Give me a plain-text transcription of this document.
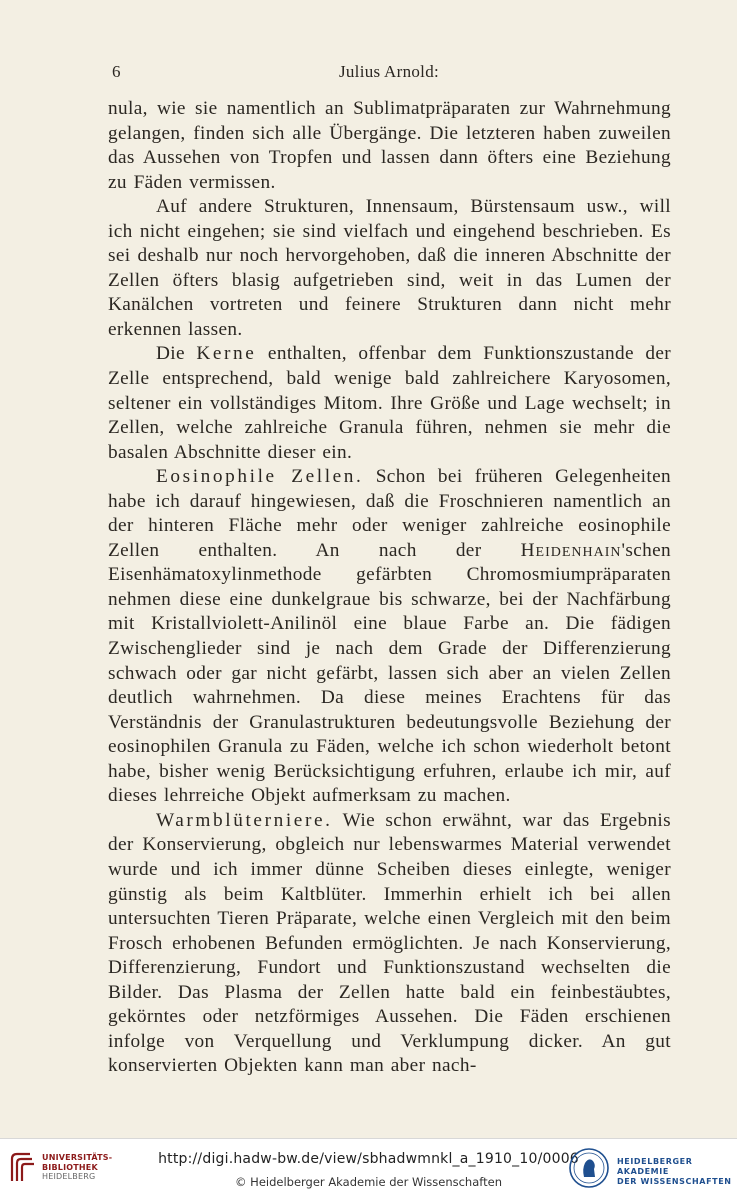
6	Julius Arnold:

nula, wie sie namentlich an Sublimatpräparaten zur Wahrnehmung gelangen, finden sich alle Übergänge. Die letzteren haben zuweilen das Aussehen von Tropfen und lassen dann öfters eine Beziehung zu Fäden vermissen.

Auf andere Strukturen, Innensaum, Bürstensaum usw., will ich nicht eingehen; sie sind vielfach und eingehend beschrieben. Es sei deshalb nur noch hervorgehoben, daß die inneren Abschnitte der Zellen öfters blasig aufgetrieben sind, weit in das Lumen der Kanälchen vortreten und feinere Strukturen dann nicht mehr erkennen lassen.

Die Kerne enthalten, offenbar dem Funktionszustande der Zelle entsprechend, bald wenige bald zahlreichere Karyosomen, seltener ein vollständiges Mitom. Ihre Größe und Lage wechselt; in Zellen, welche zahlreiche Granula führen, nehmen sie mehr die basalen Abschnitte dieser ein.

Eosinophile Zellen. Schon bei früheren Gelegenheiten habe ich darauf hingewiesen, daß die Froschnieren namentlich an der hinteren Fläche mehr oder weniger zahlreiche eosinophile Zellen enthalten. An nach der Heidenhain'schen Eisenhämatoxylinmethode gefärbten Chromosmiumpräparaten nehmen diese eine dunkelgraue bis schwarze, bei der Nachfärbung mit Kristallviolett-Anilinöl eine blaue Farbe an. Die fädigen Zwischenglieder sind je nach dem Grade der Differenzierung schwach oder gar nicht gefärbt, lassen sich aber an vielen Zellen deutlich wahrnehmen. Da diese meines Erachtens für das Verständnis der Granulastrukturen bedeutungsvolle Beziehung der eosinophilen Granula zu Fäden, welche ich schon wiederholt betont habe, bisher wenig Berücksichtigung erfuhren, erlaube ich mir, auf dieses lehrreiche Objekt aufmerksam zu machen.

Warmblüterniere. Wie schon erwähnt, war das Ergebnis der Konservierung, obgleich nur lebenswarmes Material verwendet wurde und ich immer dünne Scheiben dieses einlegte, weniger günstig als beim Kaltblüter. Immerhin erhielt ich bei allen untersuchten Tieren Präparate, welche einen Vergleich mit den beim Frosch erhobenen Befunden ermöglichten. Je nach Konservierung, Differenzierung, Fundort und Funktionszustand wechselten die Bilder. Das Plasma der Zellen hatte bald ein feinbestäubtes, gekörntes oder netzförmiges Aussehen. Die Fäden erschienen infolge von Verquellung und Verklumpung dicker. An gut konservierten Objekten kann man aber nach-

UNIVERSITÄTS-
BIBLIOTHEK
HEIDELBERG
http://digi.hadw-bw.de/view/sbhadwmnkl_a_1910_10/0006
© Heidelberger Akademie der Wissenschaften
HEIDELBERGER AKADEMIE
DER WISSENSCHAFTEN
